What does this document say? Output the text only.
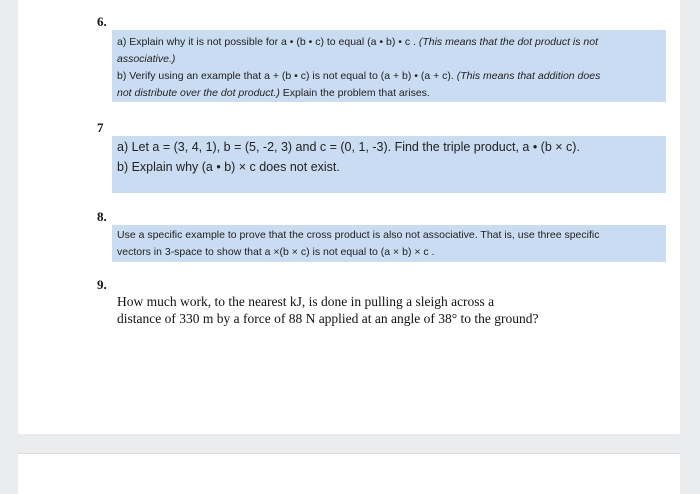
6.
a) Explain why it is not possible for a • (b • c) to equal (a • b) • c . (This means that the dot product is not
associative.)
b) Verify using an example that a + (b • c) is not equal to (a + b) • (a + c). (This means that addition does
not distribute over the dot product.) Explain the problem that arises.
7
a) Let a = (3, 4, 1), b = (5, -2, 3) and c = (0, 1, -3). Find the triple product, a • (b × c).
b) Explain why (a • b) × c does not exist.
8.
Use a specific example to prove that the cross product is also not associative. That is, use three specific
vectors in 3-space to show that a ×(b × c) is not equal to (a × b) × c .
9.
How much work, to the nearest kJ, is done in pulling a sleigh across a
distance of 330 m by a force of 88 N applied at an angle of 38° to the ground?
